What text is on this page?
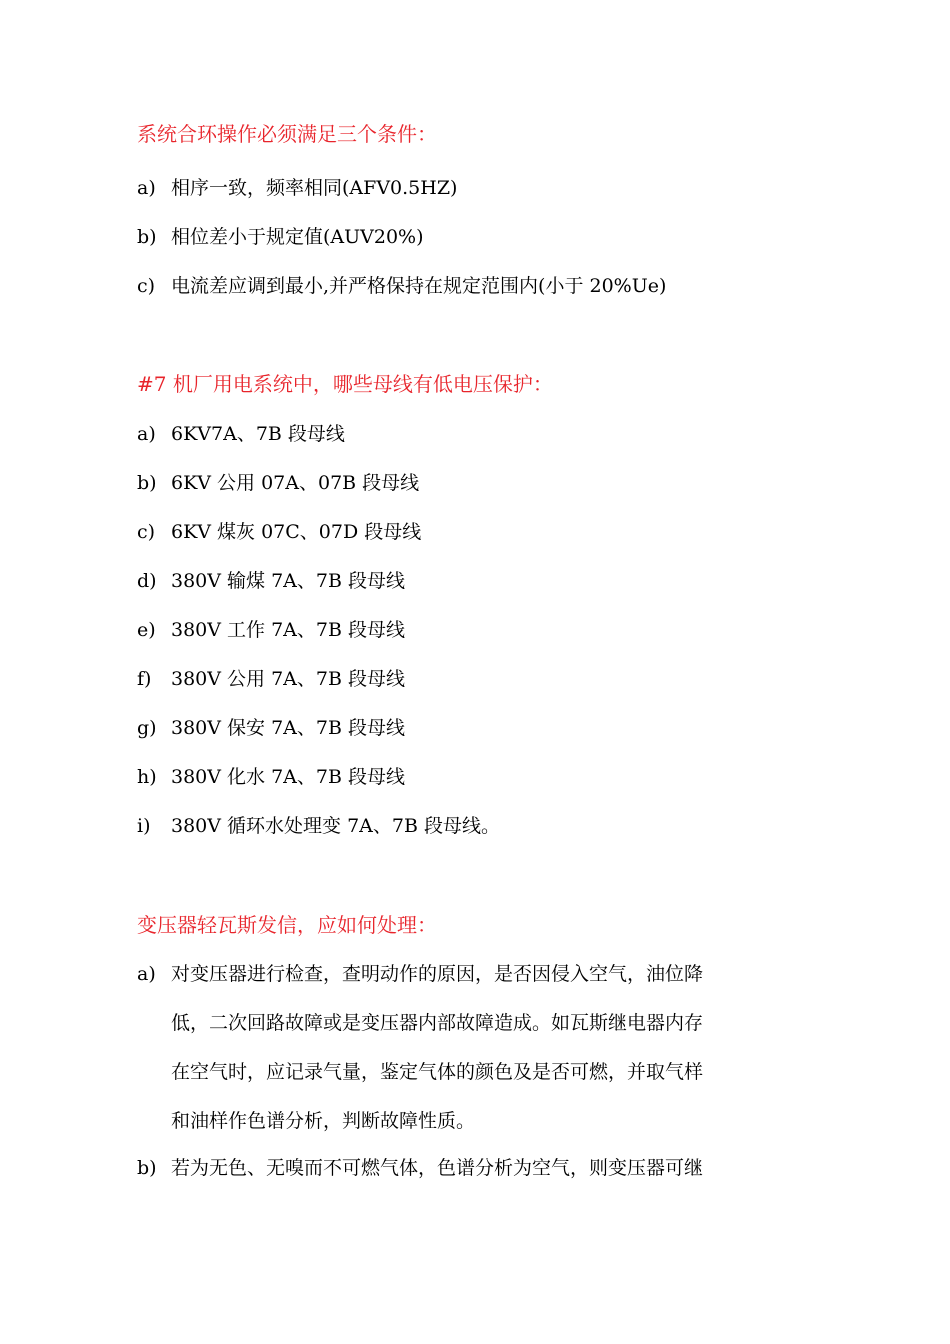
系统合环操作必须满足三个条件：
a) 相序一致，频率相同(AFV0.5HZ)
b) 相位差小于规定值(AUV20%)
c) 电流差应调到最小,并严格保持在规定范围内(小于 20%Ue)
#7 机厂用电系统中，哪些母线有低电压保护：
a) 6KV7A、7B 段母线
b) 6KV 公用 07A、07B 段母线
c) 6KV 煤灰 07C、07D 段母线
d) 380V 输煤 7A、7B 段母线
e) 380V 工作 7A、7B 段母线
f) 380V 公用 7A、7B 段母线
g) 380V 保安 7A、7B 段母线
h) 380V 化水 7A、7B 段母线
i) 380V 循环水处理变 7A、7B 段母线。
变压器轻瓦斯发信，应如何处理：
a) 对变压器进行检查，查明动作的原因，是否因侵入空气，油位降
低，二次回路故障或是变压器内部故障造成。如瓦斯继电器内存
在空气时，应记录气量，鉴定气体的颜色及是否可燃，并取气样
和油样作色谱分析，判断故障性质。
b) 若为无色、无嗅而不可燃气体，色谱分析为空气，则变压器可继
